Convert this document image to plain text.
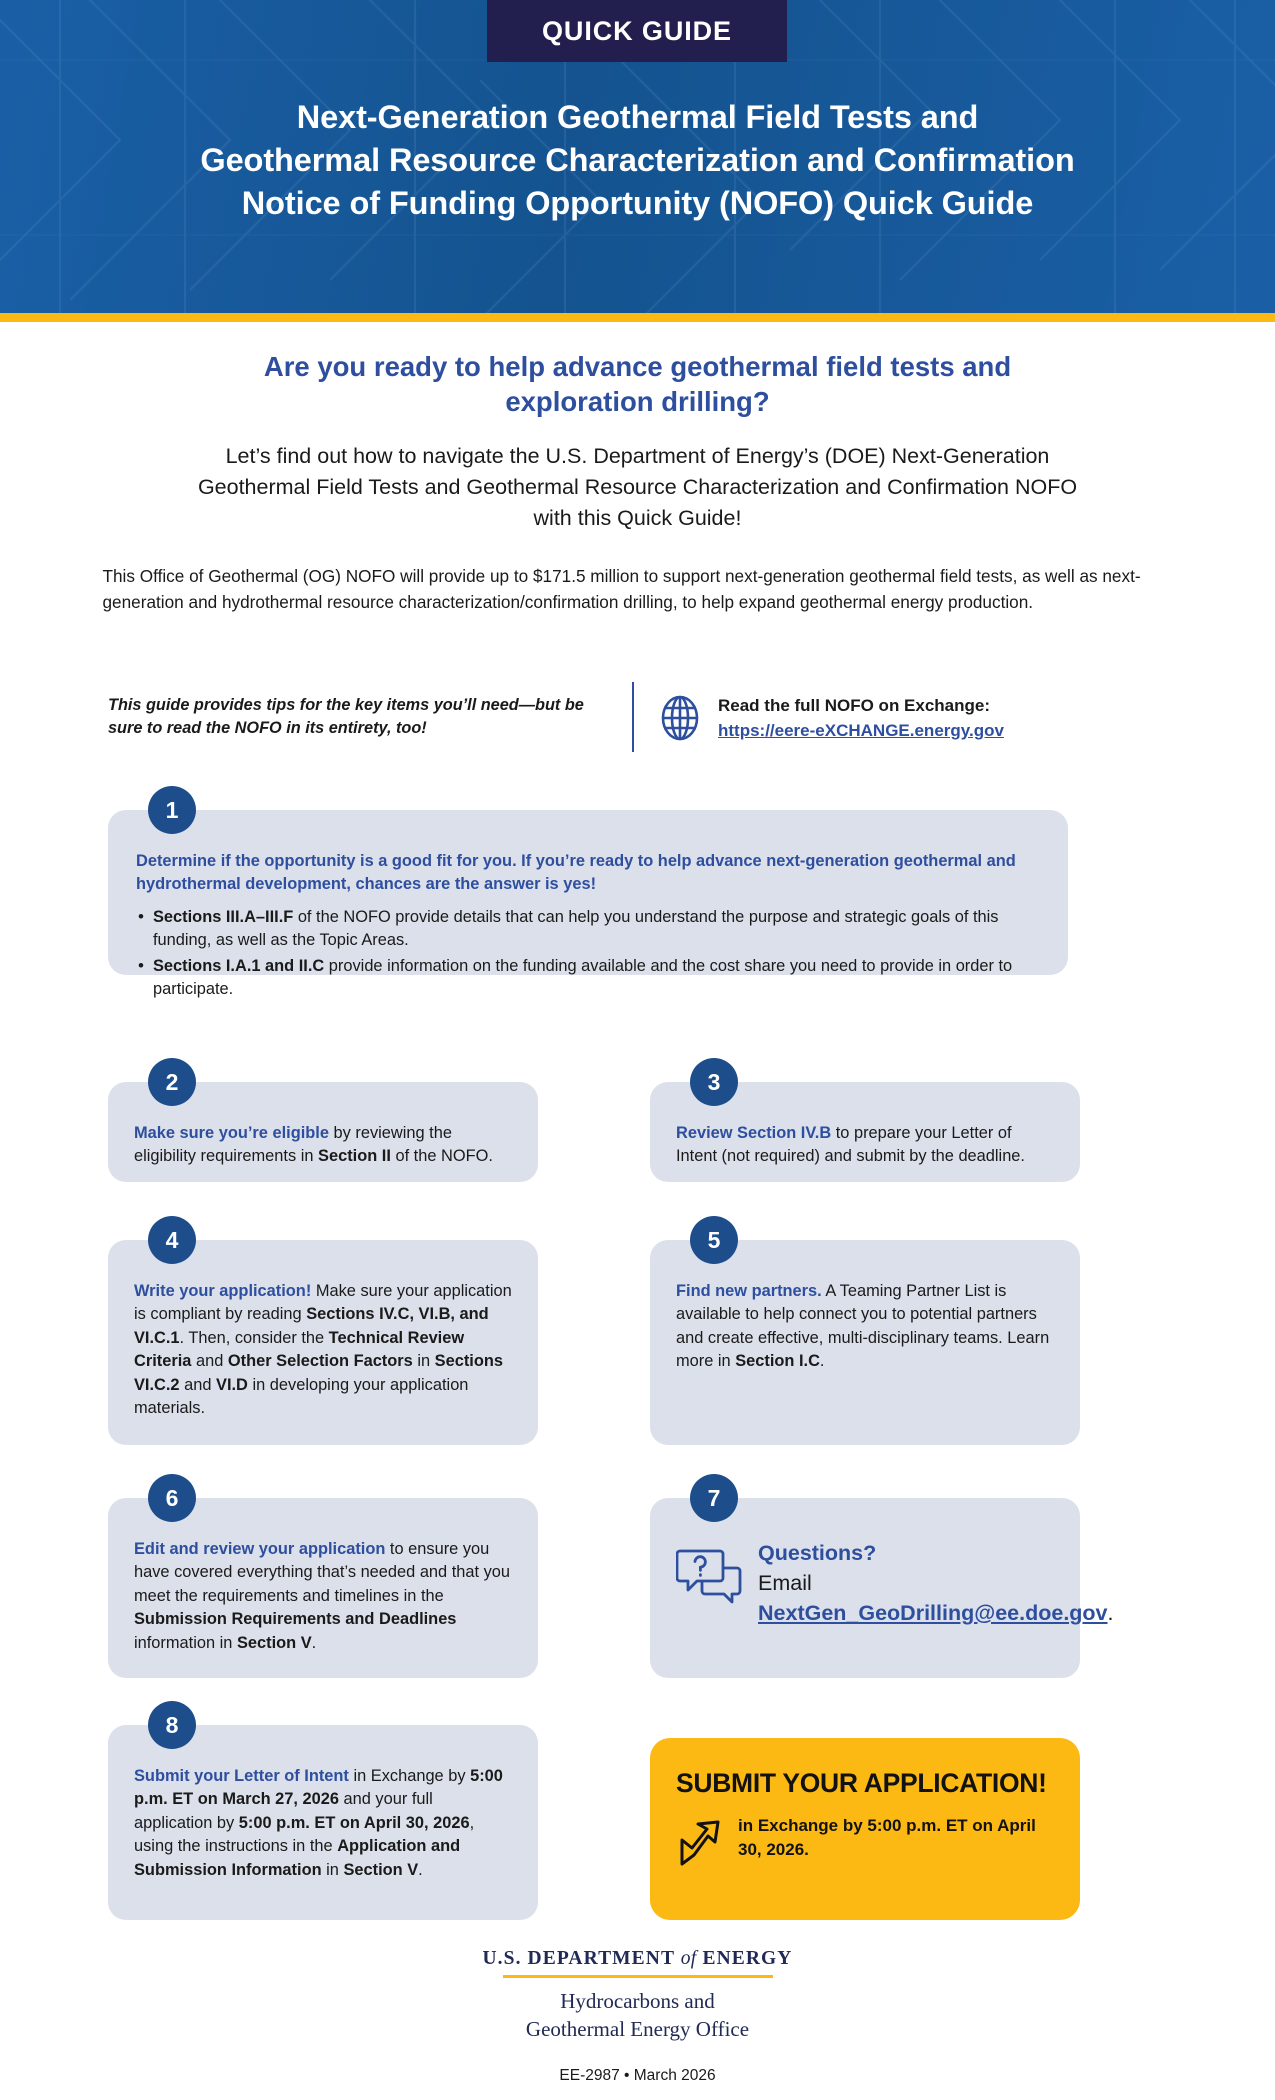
QUICK GUIDE
Next-Generation Geothermal Field Tests and
Geothermal Resource Characterization and Confirmation
Notice of Funding Opportunity (NOFO) Quick Guide
Are you ready to help advance geothermal field tests and exploration drilling?
Let’s find out how to navigate the U.S. Department of Energy’s (DOE) Next-Generation Geothermal Field Tests and Geothermal Resource Characterization and Confirmation NOFO with this Quick Guide!
This Office of Geothermal (OG) NOFO will provide up to $171.5 million to support next-generation geothermal field tests, as well as next-generation and hydrothermal resource characterization/confirmation drilling, to help expand geothermal energy production.
This guide provides tips for the key items you’ll need—but be sure to read the NOFO in its entirety, too!
Read the full NOFO on Exchange:
https://eere-eXCHANGE.energy.gov
1
Determine if the opportunity is a good fit for you. If you’re ready to help advance next-generation geothermal and hydrothermal development, chances are the answer is yes!
• Sections III.A–III.F of the NOFO provide details that can help you understand the purpose and strategic goals of this funding, as well as the Topic Areas.
• Sections I.A.1 and II.C provide information on the funding available and the cost share you need to provide in order to participate.
2

Make sure you’re eligible by reviewing the eligibility requirements in Section II of the NOFO.

3

Review Section IV.B to prepare your Letter of Intent (not required) and submit by the deadline.

4

Write your application! Make sure your application is compliant by reading Sections IV.C, VI.B, and VI.C.1. Then, consider the Technical Review Criteria and Other Selection Factors in Sections VI.C.2 and VI.D in developing your application materials.

5

Find new partners. A Teaming Partner List is available to help connect you to potential partners and create effective, multi-disciplinary teams. Learn more in Section I.C.

6

Edit and review your application to ensure you have covered everything that’s needed and that you meet the requirements and timelines in the Submission Requirements and Deadlines information in Section V.

7
Questions?
Email NextGen_GeoDrilling@ee.doe.gov.
8

Submit your Letter of Intent in Exchange by 5:00 p.m. ET on March 27, 2026 and your full application by 5:00 p.m. ET on April 30, 2026, using the instructions in the Application and Submission Information in Section V.

SUBMIT YOUR APPLICATION!
in Exchange by 5:00 p.m. ET on April 30, 2026.
U.S. DEPARTMENT of ENERGY
Hydrocarbons and
Geothermal Energy Office
EE-2987 • March 2026
